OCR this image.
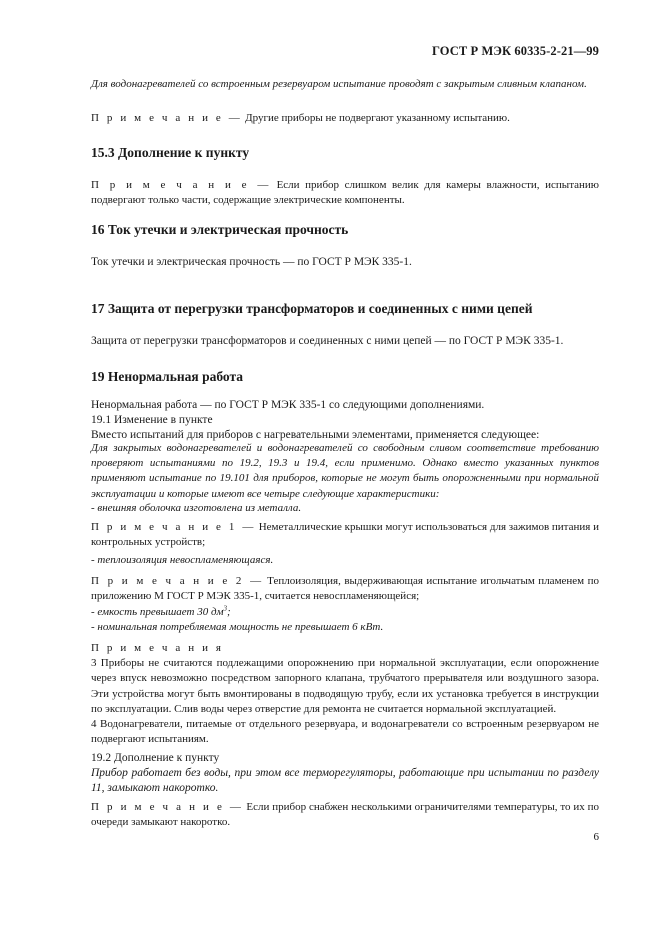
ГОСТ Р МЭК 60335-2-21—99

Для водонагревателей со встроенным резервуаром испытание проводят с закрытым сливным клапаном.

П р и м е ч а н и е — Другие приборы не подвергают указанному испытанию.

15.3 Дополнение к пункту

П р и м е ч а н и е — Если прибор слишком велик для камеры влажности, испытанию подвергают только части, содержащие электрические компоненты.

16 Ток утечки и электрическая прочность
Ток утечки и электрическая прочность — по ГОСТ Р МЭК 335-1.
17 Защита от перегрузки трансформаторов и соединенных с ними цепей
Защита от перегрузки трансформаторов и соединенных с ними цепей — по ГОСТ Р МЭК 335-1.
19 Ненормальная работа

Ненормальная работа — по ГОСТ Р МЭК 335-1 со следующими дополнениями.

19.1 Изменение в пункте

Вместо испытаний для приборов с нагревательными элементами, применяется следующее:

Для закрытых водонагревателей и водонагревателей со свободным сливом соответствие требованию проверяют испытаниями по 19.2, 19.3 и 19.4, если применимо. Однако вместо указанных пунктов применяют испытание по 19.101 для приборов, которые не могут быть опорожненными при нормальной эксплуатации и которые имеют все четыре следующие характеристики:
- внешняя оболочка изготовлена из металла.

П р и м е ч а н и е 1 — Неметаллические крышки могут использоваться для зажимов питания и контрольных устройств;

- теплоизоляция невоспламеняющаяся.

П р и м е ч а н и е 2 — Теплоизоляция, выдерживающая испытание игольчатым пламенем по приложению М ГОСТ Р МЭК 335-1, считается невоспламеняющейся;

- емкость превышает 30 $дм^3$;
- номинальная потребляемая мощность не превышает 6 кВт.

П р и м е ч а н и я

3 Приборы не считаются подлежащими опорожнению при нормальной эксплуатации, если опорожнение через впуск невозможно посредством запорного клапана, трубчатого прерывателя или воздушного зазора. Эти устройства могут быть вмонтированы в подводящую трубу, если их установка требуется в инструкции по эксплуатации. Слив воды через отверстие для ремонта не считается нормальной эксплуатацией.

4 Водонагреватели, питаемые от отдельного резервуара, и водонагреватели со встроенным резервуаром не подвергают испытаниям.

19.2 Дополнение к пункту
Прибор работает без воды, при этом все терморегуляторы, работающие при испытании по разделу 11, замыкают накоротко.

П р и м е ч а н и е — Если прибор снабжен несколькими ограничителями температуры, то их по очереди замыкают накоротко.

6
